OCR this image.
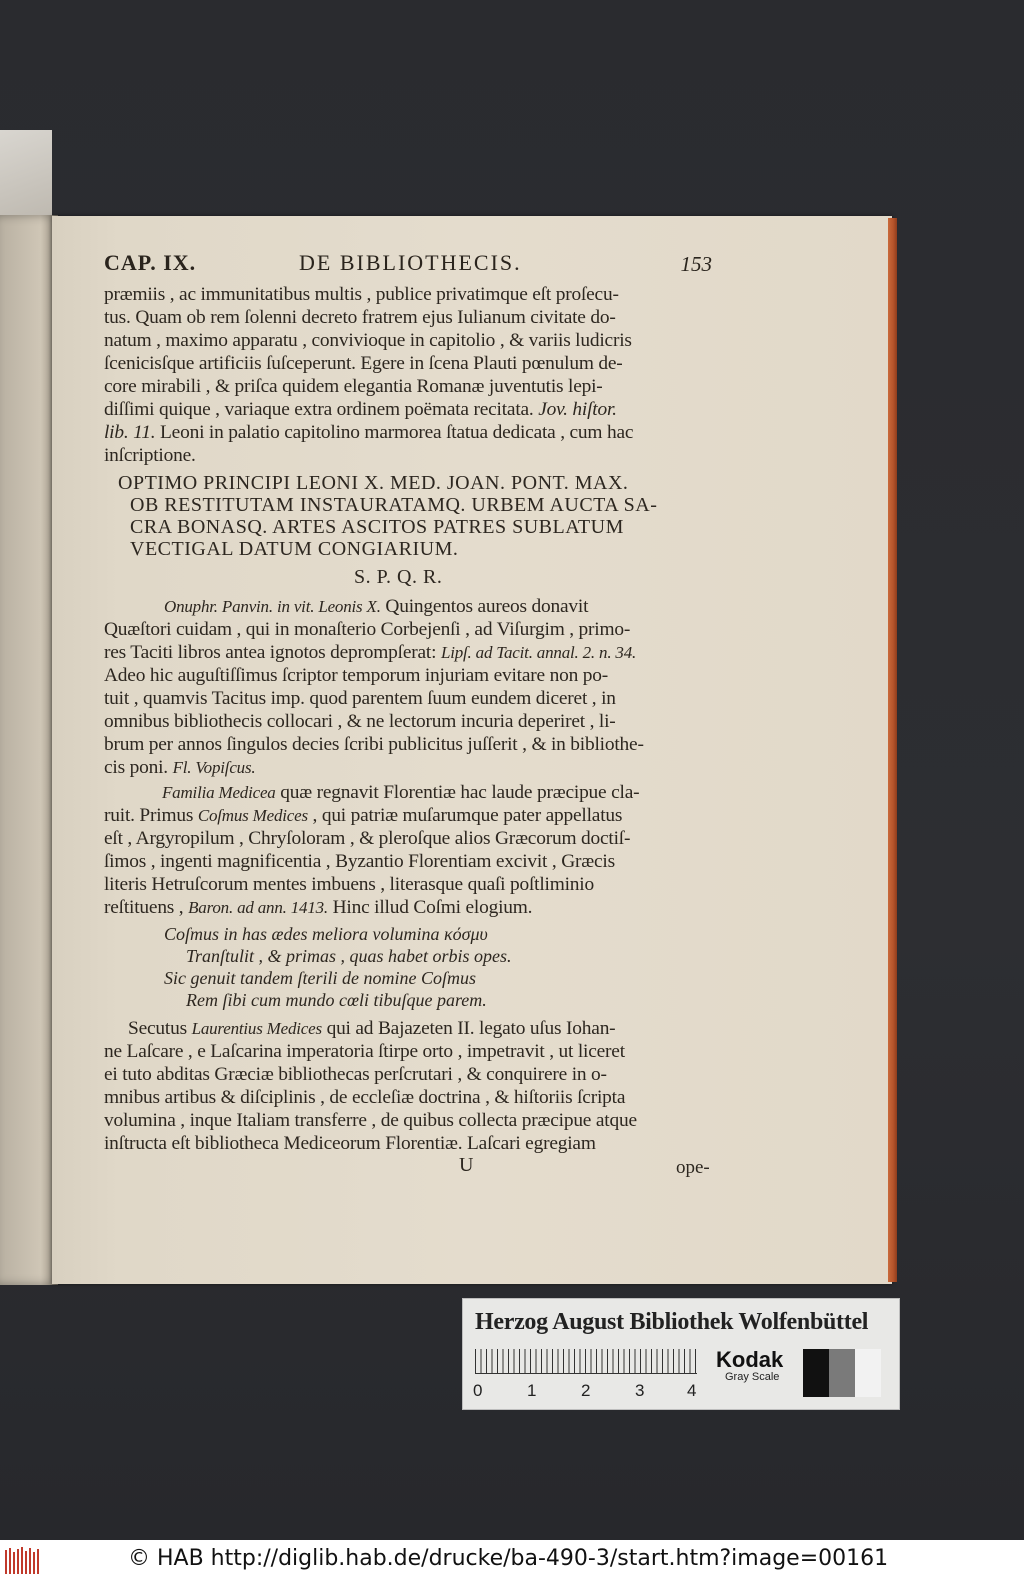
CAP. IX.	DE BIBLIOTHECIS.	153
præmiis , ac immunitatibus multis , publice privatimque eſt proſecu-
tus. Quam ob rem ſolenni decreto fratrem ejus Iulianum civitate do-
natum , maximo apparatu , convivioque in capitolio , & variis ludicris
ſcenicisſque artificiis ſuſceperunt. Egere in ſcena Plauti pœnulum de-
core mirabili , & priſca quidem elegantia Romanæ juventutis lepi-
diſſimi quique , variaque extra ordinem poëmata recitata. Jov. hiſtor.
lib. 11. Leoni in palatio capitolino marmorea ſtatua dedicata , cum hac
inſcriptione.
OPTIMO PRINCIPI LEONI X. MED. JOAN. PONT. MAX.
OB RESTITUTAM INSTAURATAMQ. URBEM AUCTA SA-
CRA BONASQ. ARTES ASCITOS PATRES SUBLATUM
VECTIGAL DATUM CONGIARIUM.
S. P. Q. R.
Onuphr. Panvin. in vit. Leonis X. Quingentos aureos donavit
Quæſtori cuidam , qui in monaſterio Corbejenſi , ad Viſurgim , primo-
res Taciti libros antea ignotos deprompſerat: Lipſ. ad Tacit. annal. 2. n. 34.
Adeo hic auguſtiſſimus ſcriptor temporum injuriam evitare non po-
tuit , quamvis Tacitus imp. quod parentem ſuum eundem diceret , in
omnibus bibliothecis collocari , & ne lectorum incuria deperiret , li-
brum per annos ſingulos decies ſcribi publicitus juſſerit , & in bibliothe-
cis poni. Fl. Vopiſcus.
Familia Medicea quæ regnavit Florentiæ hac laude præcipue cla-
ruit. Primus Coſmus Medices , qui patriæ muſarumque pater appellatus
eſt , Argyropilum , Chryſoloram , & pleroſque alios Græcorum doctiſ-
ſimos , ingenti magnificentia , Byzantio Florentiam excivit , Græcis
literis Hetruſcorum mentes imbuens , literasque quaſi poſtliminio
reſtituens , Baron. ad ann. 1413. Hinc illud Coſmi elogium.
Coſmus in has ædes meliora volumina κόσμυ
Tranſtulit , & primas , quas habet orbis opes.
Sic genuit tandem ſterili de nomine Coſmus
Rem ſibi cum mundo cœli tibuſque parem.
Secutus Laurentius Medices qui ad Bajazeten II. legato uſus Iohan-
ne Laſcare , e Laſcarina imperatoria ſtirpe orto , impetravit , ut liceret
ei tuto abditas Græciæ bibliothecas perſcrutari , & conquirere in o-
mnibus artibus & diſciplinis , de eccleſiæ doctrina , & hiſtoriis ſcripta
volumina , inque Italiam transferre , de quibus collecta præcipue atque
inſtructa eſt bibliotheca Mediceorum Florentiæ. Laſcari egregiam
U	ope-
Herzog August Bibliothek Wolfenbüttel
0	1	2	3	4
Kodak
Gray Scale
© HAB http://diglib.hab.de/drucke/ba-490-3/start.htm?image=00161
